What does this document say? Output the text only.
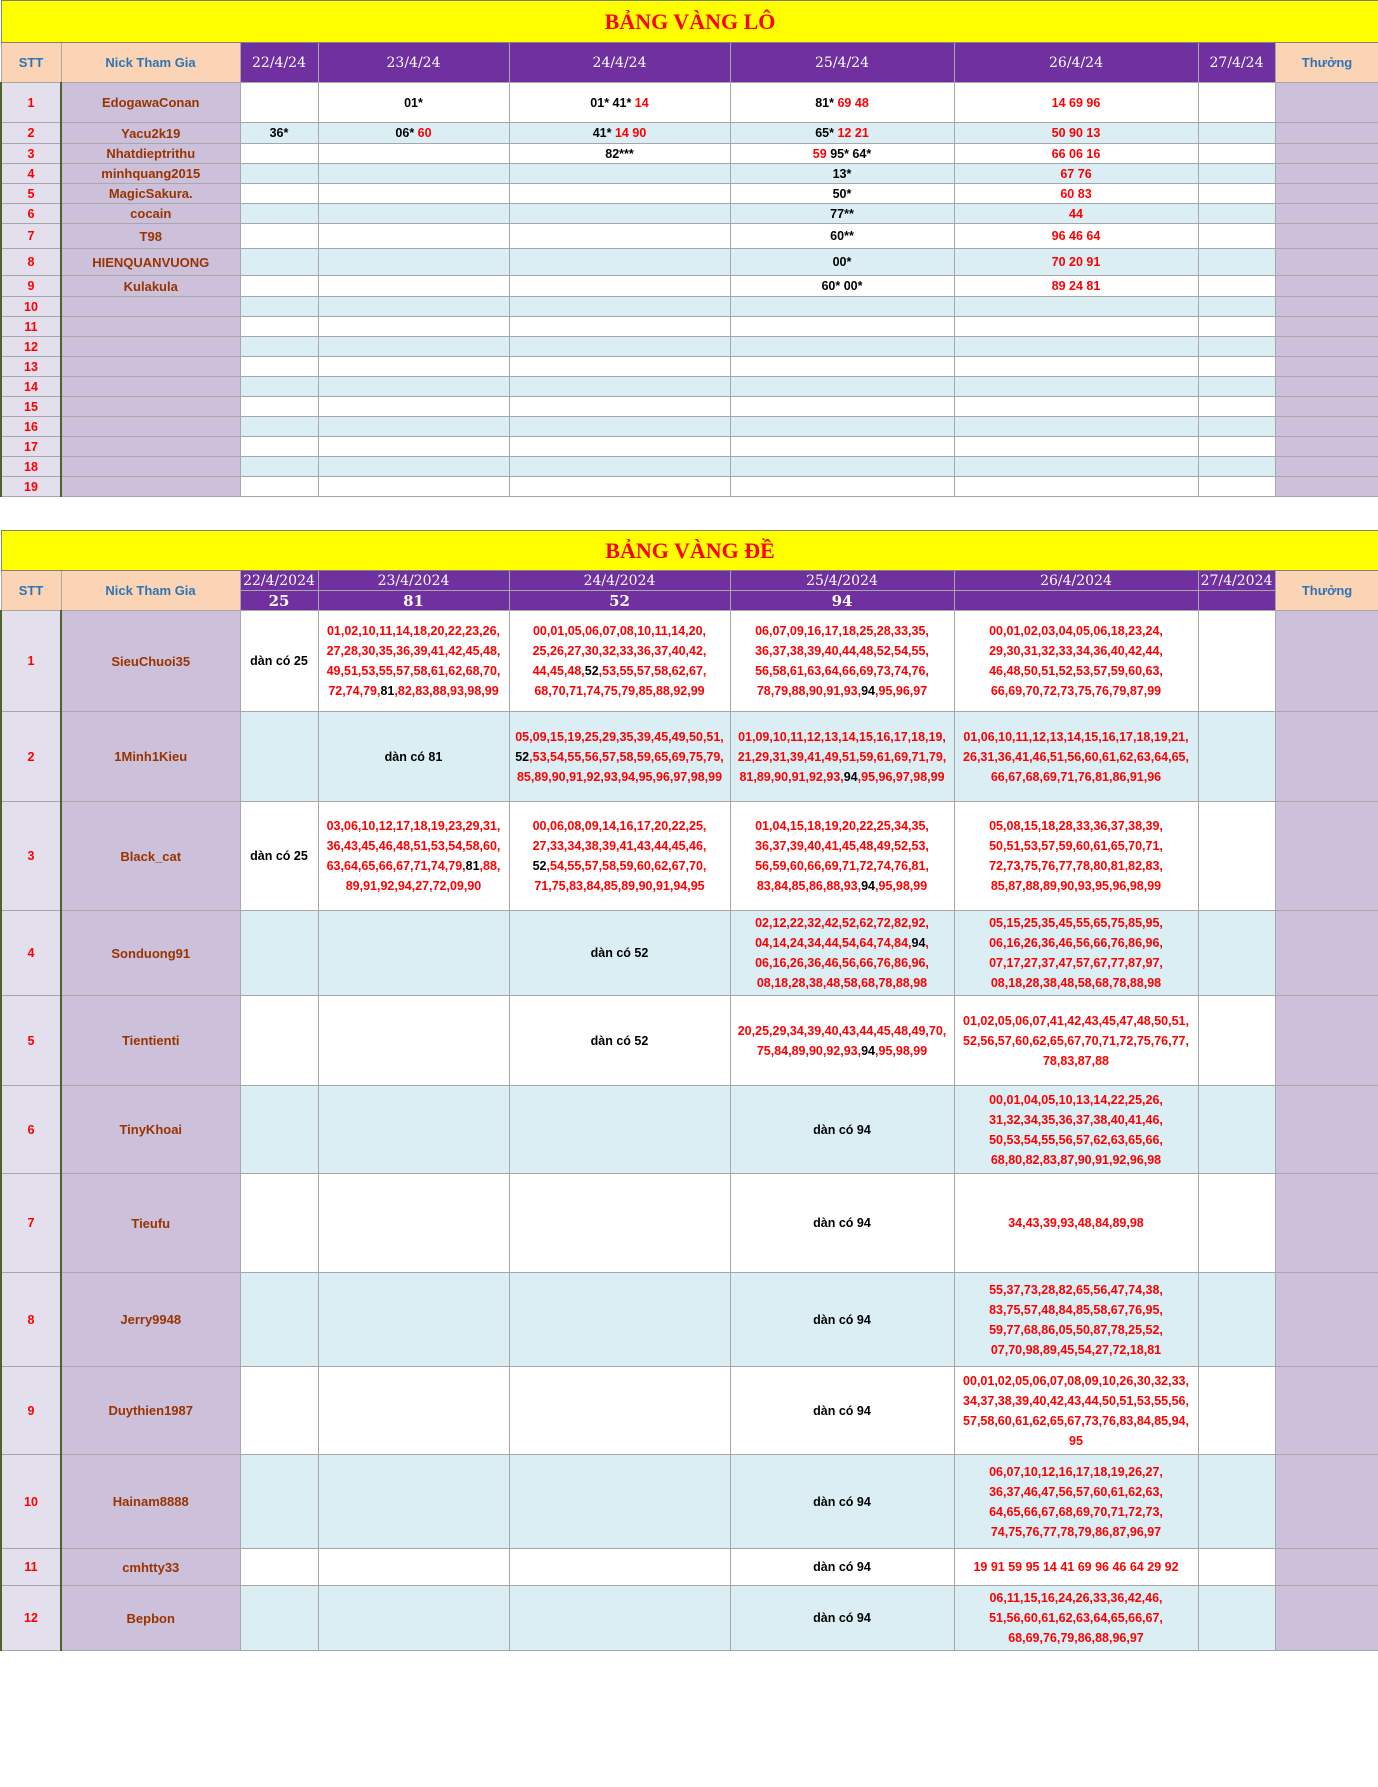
BẢNG VÀNG LÔ								
STT	Nick Tham Gia	22/4/24	23/4/24	24/4/24	25/4/24	26/4/24	27/4/24	Thưởng
1	EdogawaConan		01*	01* 41* 14	81* 69 48	14 69 96		
2	Yacu2k19	36*	06* 60	41* 14 90	65* 12 21	50 90 13		
3	Nhatdieptrithu			82***	59 95* 64*	66 06 16		
4	minhquang2015				13*	67 76		
5	MagicSakura.				50*	60 83		
6	cocain				77**	44		
7	T98				60**	96 46 64		
8	HIENQUANVUONG				00*	70 20 91		
9	Kulakula				60* 00*	89 24 81		
10								
11								
12								
13								
14								
15								
16								
17								
18								
19								
BẢNG VÀNG ĐỀ								
STT	Nick Tham Gia	22/4/2024	23/4/2024	24/4/2024	25/4/2024	26/4/2024	27/4/2024	Thưởng
		25	81	52	94			
1	SieuChuoi35	dàn có 25	01,02,10,11,14,18,20,22,23,26,
27,28,30,35,36,39,41,42,45,48,
49,51,53,55,57,58,61,62,68,70,
72,74,79,81,82,83,88,93,98,99	00,01,05,06,07,08,10,11,14,20,
25,26,27,30,32,33,36,37,40,42,
44,45,48,52,53,55,57,58,62,67,
68,70,71,74,75,79,85,88,92,99	06,07,09,16,17,18,25,28,33,35,
36,37,38,39,40,44,48,52,54,55,
56,58,61,63,64,66,69,73,74,76,
78,79,88,90,91,93,94,95,96,97	00,01,02,03,04,05,06,18,23,24,
29,30,31,32,33,34,36,40,42,44,
46,48,50,51,52,53,57,59,60,63,
66,69,70,72,73,75,76,79,87,99		

2	1Minh1Kieu		dàn có 81	05,09,15,19,25,29,35,39,45,49,50,51,
52,53,54,55,56,57,58,59,65,69,75,79,
85,89,90,91,92,93,94,95,96,97,98,99	01,09,10,11,12,13,14,15,16,17,18,19,
21,29,31,39,41,49,51,59,61,69,71,79,
81,89,90,91,92,93,94,95,96,97,98,99	01,06,10,11,12,13,14,15,16,17,18,19,21,
26,31,36,41,46,51,56,60,61,62,63,64,65,
66,67,68,69,71,76,81,86,91,96		

3	Black_cat	dàn có 25	03,06,10,12,17,18,19,23,29,31,
36,43,45,46,48,51,53,54,58,60,
63,64,65,66,67,71,74,79,81,88,
89,91,92,94,27,72,09,90	00,06,08,09,14,16,17,20,22,25,
27,33,34,38,39,41,43,44,45,46,
52,54,55,57,58,59,60,62,67,70,
71,75,83,84,85,89,90,91,94,95	01,04,15,18,19,20,22,25,34,35,
36,37,39,40,41,45,48,49,52,53,
56,59,60,66,69,71,72,74,76,81,
83,84,85,86,88,93,94,95,98,99	05,08,15,18,28,33,36,37,38,39,
50,51,53,57,59,60,61,65,70,71,
72,73,75,76,77,78,80,81,82,83,
85,87,88,89,90,93,95,96,98,99		

4	Sonduong91			dàn có 52	02,12,22,32,42,52,62,72,82,92,
04,14,24,34,44,54,64,74,84,94,
06,16,26,36,46,56,66,76,86,96,
08,18,28,38,48,58,68,78,88,98	05,15,25,35,45,55,65,75,85,95,
06,16,26,36,46,56,66,76,86,96,
07,17,27,37,47,57,67,77,87,97,
08,18,28,38,48,58,68,78,88,98		

5	Tientienti			dàn có 52	20,25,29,34,39,40,43,44,45,48,49,70,
75,84,89,90,92,93,94,95,98,99	01,02,05,06,07,41,42,43,45,47,48,50,51,
52,56,57,60,62,65,67,70,71,72,75,76,77,
78,83,87,88		

6	TinyKhoai				dàn có 94	00,01,04,05,10,13,14,22,25,26,
31,32,34,35,36,37,38,40,41,46,
50,53,54,55,56,57,62,63,65,66,
68,80,82,83,87,90,91,92,96,98		

7	Tieufu				dàn có 94	34,43,39,93,48,84,89,98		

8	Jerry9948				dàn có 94	55,37,73,28,82,65,56,47,74,38,
83,75,57,48,84,85,58,67,76,95,
59,77,68,86,05,50,87,78,25,52,
07,70,98,89,45,54,27,72,18,81		

9	Duythien1987				dàn có 94	00,01,02,05,06,07,08,09,10,26,30,32,33,
34,37,38,39,40,42,43,44,50,51,53,55,56,
57,58,60,61,62,65,67,73,76,83,84,85,94,
95		

10	Hainam8888				dàn có 94	06,07,10,12,16,17,18,19,26,27,
36,37,46,47,56,57,60,61,62,63,
64,65,66,67,68,69,70,71,72,73,
74,75,76,77,78,79,86,87,96,97		

11	cmhtty33				dàn có 94	19 91 59 95 14 41 69 96 46 64 29 92		

12	Bepbon				dàn có 94	06,11,15,16,24,26,33,36,42,46,
51,56,60,61,62,63,64,65,66,67,
68,69,76,79,86,88,96,97		
